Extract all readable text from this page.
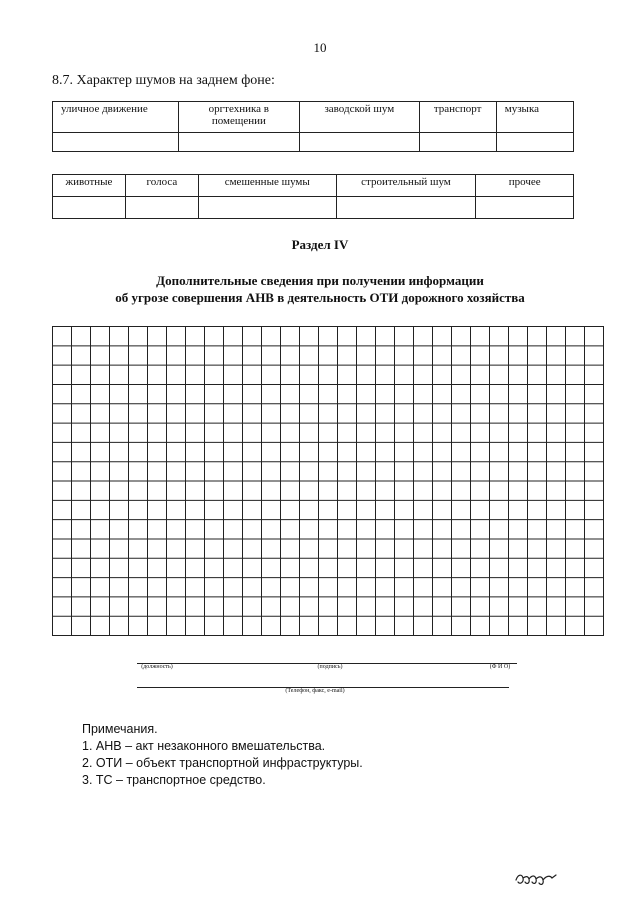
10
8.7. Характер шумов на заднем фоне:
уличное движение	оргтехника в помещении	заводской шум	транспорт	музыка

животные	голоса	смешенные шумы	строительный шум	прочее

Раздел IV
Дополнительные сведения при получении информации
об угрозе совершения АНВ в деятельность ОТИ дорожного хозяйства
(должность)	(подпись)	(Ф И О)
(Телефон, факс, e-mail)
Примечания.
1. АНВ – акт незаконного вмешательства.
2. ОТИ – объект транспортной инфраструктуры.
3. ТС – транспортное средство.
